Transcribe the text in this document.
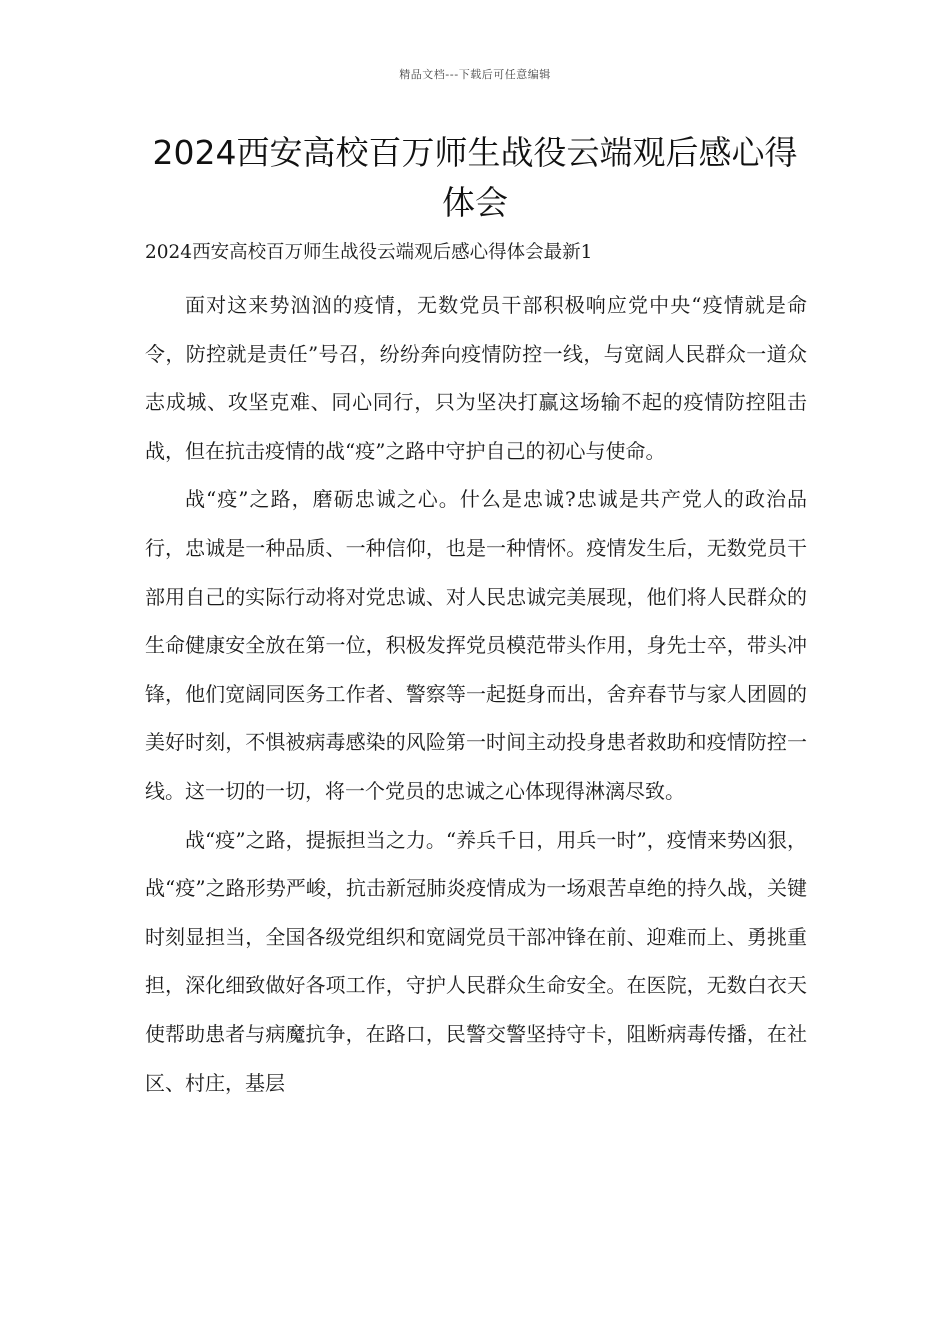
精品文档---下载后可任意编辑
2024西安高校百万师生战役云端观后感心得体会

2024西安高校百万师生战役云端观后感心得体会最新1

面对这来势汹汹的疫情，无数党员干部积极响应党中央“疫情就是命令，防控就是责任”号召，纷纷奔向疫情防控一线，与宽阔人民群众一道众志成城、攻坚克难、同心同行，只为坚决打赢这场输不起的疫情防控阻击战，但在抗击疫情的战“疫”之路中守护自己的初心与使命。

战“疫”之路，磨砺忠诚之心。什么是忠诚?忠诚是共产党人的政治品行，忠诚是一种品质、一种信仰，也是一种情怀。疫情发生后，无数党员干部用自己的实际行动将对党忠诚、对人民忠诚完美展现，他们将人民群众的生命健康安全放在第一位，积极发挥党员模范带头作用，身先士卒，带头冲锋，他们宽阔同医务工作者、警察等一起挺身而出，舍弃春节与家人团圆的美好时刻，不惧被病毒感染的风险第一时间主动投身患者救助和疫情防控一线。这一切的一切，将一个党员的忠诚之心体现得淋漓尽致。

战“疫”之路，提振担当之力。“养兵千日，用兵一时”，疫情来势凶狠，战“疫”之路形势严峻，抗击新冠肺炎疫情成为一场艰苦卓绝的持久战，关键时刻显担当，全国各级党组织和宽阔党员干部冲锋在前、迎难而上、勇挑重担，深化细致做好各项工作，守护人民群众生命安全。在医院，无数白衣天使帮助患者与病魔抗争，在路口，民警交警坚持守卡，阻断病毒传播，在社区、村庄，基层
